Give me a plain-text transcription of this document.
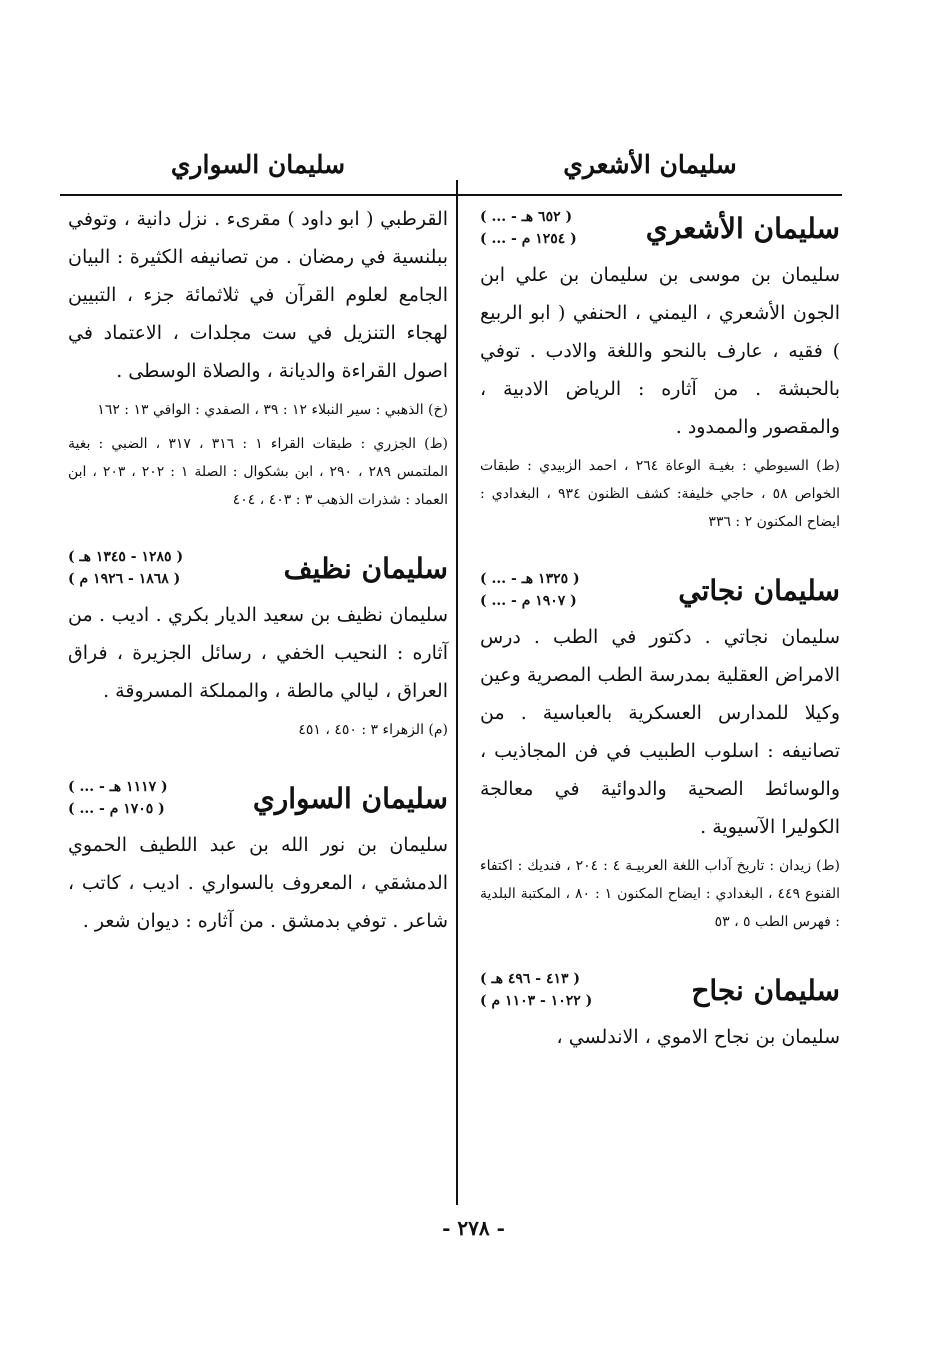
سليمان الأشعري
سليمان السواري
سليمان الأشعري
( ... - ٦٥٢ هـ )
( ... - ١٢٥٤ م )

سليمان بن موسى بن سليمان بن علي ابن الجون الأشعري ، اليمني ، الحنفي ( ابو الربيع ) فقيه ، عارف بالنحو واللغة والادب . توفي بالحبشة . من آثاره : الرياض الادبية ، والمقصور والممدود .

(ط) السيوطي : بغيـة الوعاة ٢٦٤ ، احمد الزبيدي : طبقات الخواص ٥٨ ، حاجي خليفة: كشف الظنون ٩٣٤ ، البغدادي : ايضاح المكنون ٢ : ٣٣٦

سليمان نجاتي
( ... - ١٣٢٥ هـ )
( ... - ١٩٠٧ م )

سليمان نجاتي . دكتور في الطب . درس الامراض العقلية بمدرسة الطب المصرية وعين وكيلا للمدارس العسكرية بالعباسية . من تصانيفه : اسلوب الطبيب في فن المجاذيب ، والوسائط الصحية والدوائية في معالجة الكوليرا الآسيوية .

(ط) زيدان : تاريخ آداب اللغة العربيـة ٤ : ٢٠٤ ، فنديك : اكتفاء القنوع ٤٤٩ ، البغدادي : ايضاح المكنون ١ : ٨٠ ، المكتبة البلدية : فهرس الطب ٥ ، ٥٣

سليمان نجاح
( ٤١٣ - ٤٩٦ هـ )
( ١٠٢٢ - ١١٠٣ م )

سليمان بن نجاح الاموي ، الاندلسي ،

القرطبي ( ابو داود ) مقرىء . نزل دانية ، وتوفي ببلنسية في رمضان . من تصانيفه الكثيرة : البيان الجامع لعلوم القرآن في ثلاثمائة جزء ، التبيين لهجاء التنزيل في ست مجلدات ، الاعتماد في اصول القراءة والديانة ، والصلاة الوسطى .

(خ) الذهبي : سير النبلاء ١٢ : ٣٩ ، الصفدي : الوافي ١٣ : ١٦٢

(ط) الجزري : طبقات القراء ١ : ٣١٦ ، ٣١٧ ، الضبي : بغية الملتمس ٢٨٩ ، ٢٩٠ ، ابن بشكوال : الصلة ١ : ٢٠٢ ، ٢٠٣ ، ابن العماد : شذرات الذهب ٣ : ٤٠٣ ، ٤٠٤

سليمان نظيف
( ١٢٨٥ - ١٣٤٥ هـ )
( ١٨٦٨ - ١٩٢٦ م )

سليمان نظيف بن سعيد الديار بكري . اديب . من آثاره : النحيب الخفي ، رسائل الجزيرة ، فراق العراق ، ليالي مالطة ، والمملكة المسروقة .

(م) الزهراء ٣ : ٤٥٠ ، ٤٥١

سليمان السواري
( ... - ١١١٧ هـ )
( ... - ١٧٠٥ م )

سليمان بن نور الله بن عبد اللطيف الحموي الدمشقي ، المعروف بالسواري . اديب ، كاتب ، شاعر . توفي بدمشق . من آثاره : ديوان شعر .

- ٢٧٨ -
